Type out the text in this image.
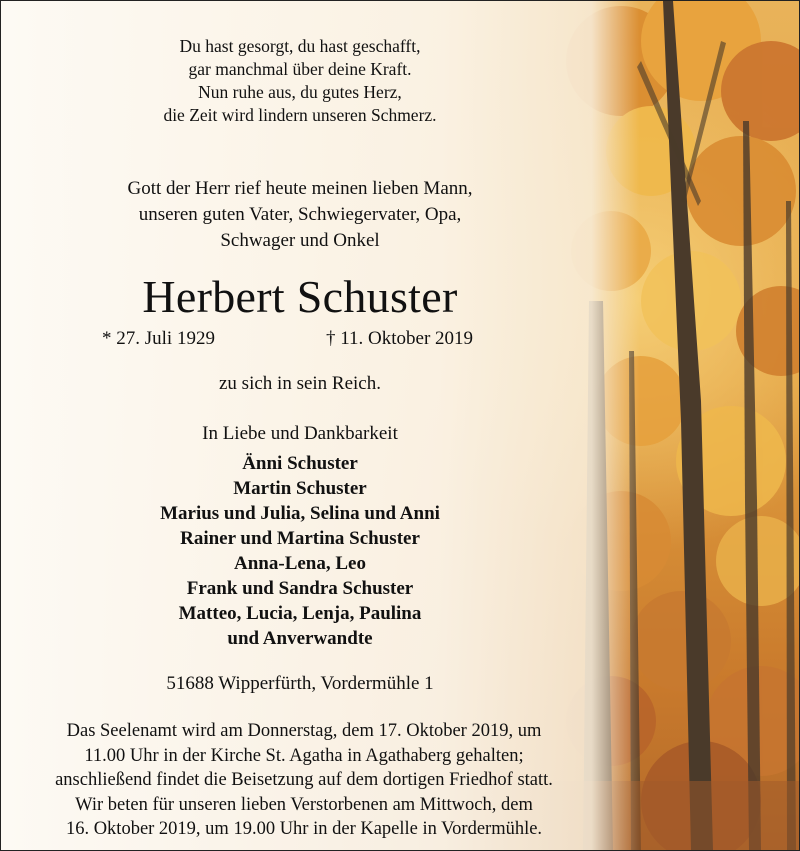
Du hast gesorgt, du hast geschafft,
gar manchmal über deine Kraft.
Nun ruhe aus, du gutes Herz,
die Zeit wird lindern unseren Schmerz.
Gott der Herr rief heute meinen lieben Mann,
unseren guten Vater, Schwiegervater, Opa,
Schwager und Onkel
Herbert Schuster
* 27. Juli 1929	† 11. Oktober 2019
zu sich in sein Reich.
In Liebe und Dankbarkeit
Änni Schuster
Martin Schuster
Marius und Julia, Selina und Anni
Rainer und Martina Schuster
Anna-Lena, Leo
Frank und Sandra Schuster
Matteo, Lucia, Lenja, Paulina
und Anverwandte
51688 Wipperfürth, Vordermühle 1
Das Seelenamt wird am Donnerstag, dem 17. Oktober 2019, um
11.00 Uhr in der Kirche St. Agatha in Agathaberg gehalten;
anschließend findet die Beisetzung auf dem dortigen Friedhof statt.
Wir beten für unseren lieben Verstorbenen am Mittwoch, dem
16. Oktober 2019, um 19.00 Uhr in der Kapelle in Vordermühle.
